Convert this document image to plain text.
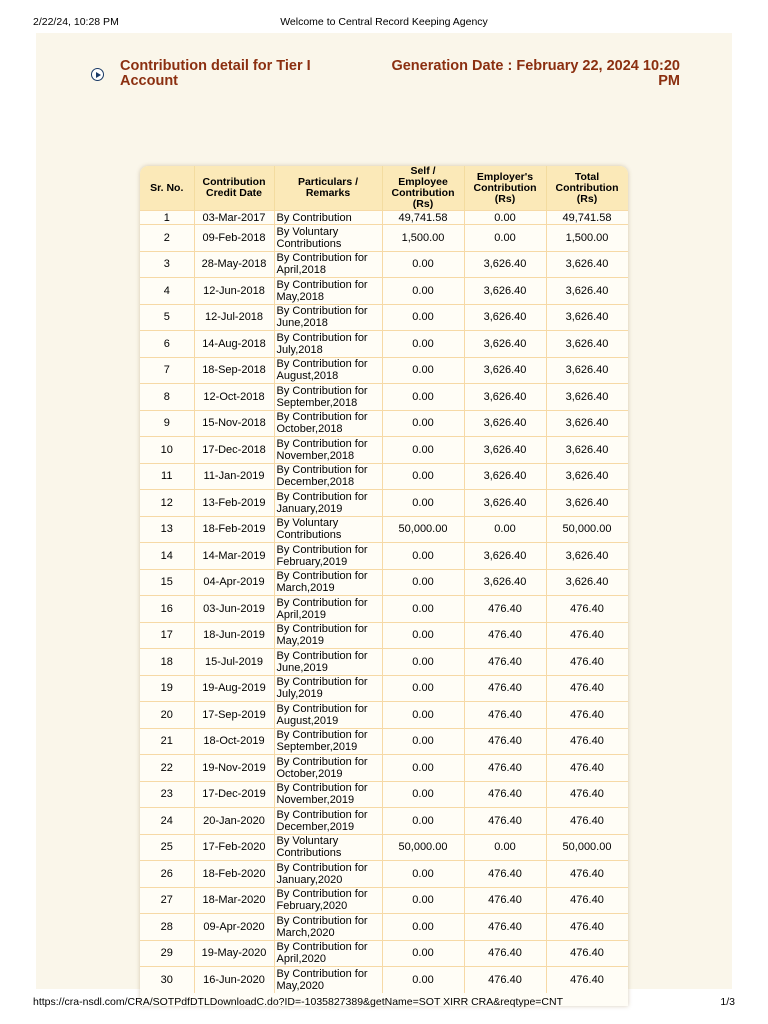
2/22/24, 10:28 PM	Welcome to Central Record Keeping Agency
Contribution detail for Tier I Account
Generation Date : February 22, 2024 10:20 PM
Sr. No.	Contribution Credit Date	Particulars / Remarks	Self / Employee Contribution (Rs)	Employer's Contribution (Rs)	Total Contribution (Rs)
1	03-Mar-2017	By Contribution	49,741.58	0.00	49,741.58
2	09-Feb-2018	By Voluntary Contributions	1,500.00	0.00	1,500.00
3	28-May-2018	By Contribution for April,2018	0.00	3,626.40	3,626.40
4	12-Jun-2018	By Contribution for May,2018	0.00	3,626.40	3,626.40
5	12-Jul-2018	By Contribution for June,2018	0.00	3,626.40	3,626.40
6	14-Aug-2018	By Contribution for July,2018	0.00	3,626.40	3,626.40
7	18-Sep-2018	By Contribution for August,2018	0.00	3,626.40	3,626.40
8	12-Oct-2018	By Contribution for September,2018	0.00	3,626.40	3,626.40
9	15-Nov-2018	By Contribution for October,2018	0.00	3,626.40	3,626.40
10	17-Dec-2018	By Contribution for November,2018	0.00	3,626.40	3,626.40
11	11-Jan-2019	By Contribution for December,2018	0.00	3,626.40	3,626.40
12	13-Feb-2019	By Contribution for January,2019	0.00	3,626.40	3,626.40
13	18-Feb-2019	By Voluntary Contributions	50,000.00	0.00	50,000.00
14	14-Mar-2019	By Contribution for February,2019	0.00	3,626.40	3,626.40
15	04-Apr-2019	By Contribution for March,2019	0.00	3,626.40	3,626.40
16	03-Jun-2019	By Contribution for April,2019	0.00	476.40	476.40
17	18-Jun-2019	By Contribution for May,2019	0.00	476.40	476.40
18	15-Jul-2019	By Contribution for June,2019	0.00	476.40	476.40
19	19-Aug-2019	By Contribution for July,2019	0.00	476.40	476.40
20	17-Sep-2019	By Contribution for August,2019	0.00	476.40	476.40
21	18-Oct-2019	By Contribution for September,2019	0.00	476.40	476.40
22	19-Nov-2019	By Contribution for October,2019	0.00	476.40	476.40
23	17-Dec-2019	By Contribution for November,2019	0.00	476.40	476.40
24	20-Jan-2020	By Contribution for December,2019	0.00	476.40	476.40
25	17-Feb-2020	By Voluntary Contributions	50,000.00	0.00	50,000.00
26	18-Feb-2020	By Contribution for January,2020	0.00	476.40	476.40
27	18-Mar-2020	By Contribution for February,2020	0.00	476.40	476.40
28	09-Apr-2020	By Contribution for March,2020	0.00	476.40	476.40
29	19-May-2020	By Contribution for April,2020	0.00	476.40	476.40
30	16-Jun-2020	By Contribution for May,2020	0.00	476.40	476.40
https://cra-nsdl.com/CRA/SOTPdfDTLDownloadC.do?ID=-1035827389&getName=SOT XIRR CRA&reqtype=CNT	1/3
